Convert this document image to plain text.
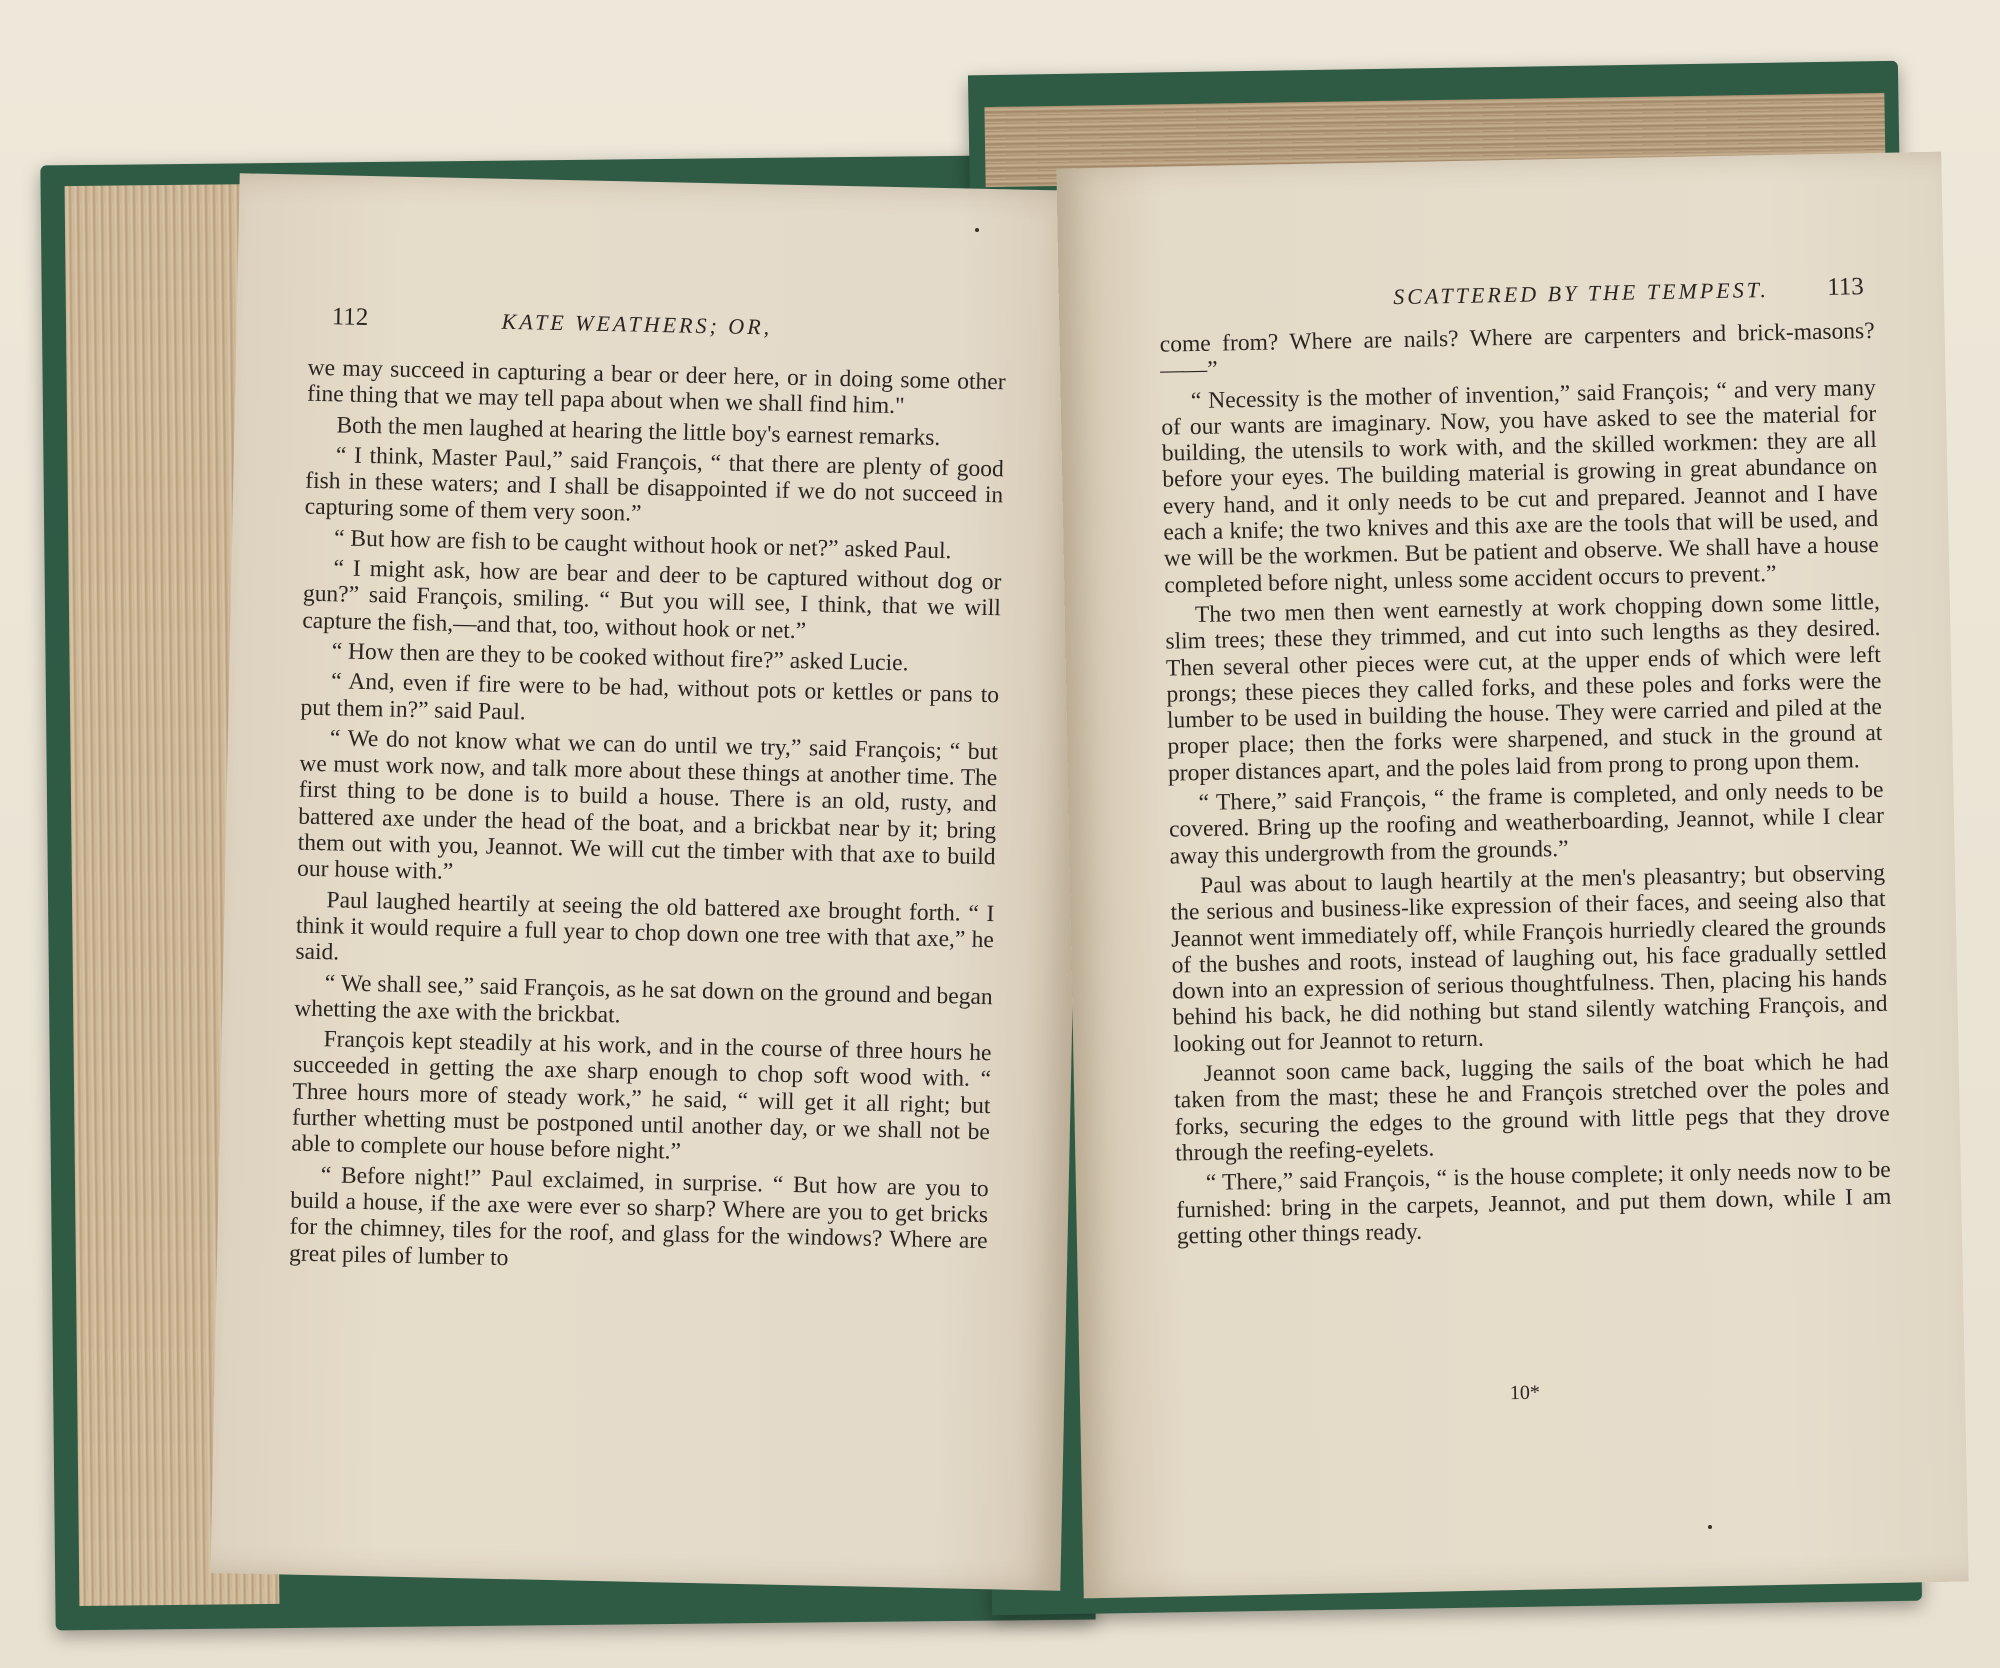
112	KATE WEATHERS; OR,

we may succeed in capturing a bear or deer here, or in doing some other fine thing that we may tell papa about when we shall find him."

Both the men laughed at hearing the little boy's earnest remarks.

“ I think, Master Paul,” said François, “ that there are plenty of good fish in these waters; and I shall be disappointed if we do not succeed in capturing some of them very soon.”

“ But how are fish to be caught without hook or net?” asked Paul.

“ I might ask, how are bear and deer to be captured without dog or gun?” said François, smiling. “ But you will see, I think, that we will capture the fish,—and that, too, without hook or net.”

“ How then are they to be cooked without fire?” asked Lucie.

“ And, even if fire were to be had, without pots or kettles or pans to put them in?” said Paul.

“ We do not know what we can do until we try,” said François; “ but we must work now, and talk more about these things at another time. The first thing to be done is to build a house. There is an old, rusty, and battered axe under the head of the boat, and a brickbat near by it; bring them out with you, Jeannot. We will cut the timber with that axe to build our house with.”

Paul laughed heartily at seeing the old battered axe brought forth. “ I think it would require a full year to chop down one tree with that axe,” he said.

“ We shall see,” said François, as he sat down on the ground and began whetting the axe with the brickbat.

François kept steadily at his work, and in the course of three hours he succeeded in getting the axe sharp enough to chop soft wood with. “ Three hours more of steady work,” he said, “ will get it all right; but further whetting must be postponed until another day, or we shall not be able to complete our house before night.”

“ Before night!” Paul exclaimed, in surprise. “ But how are you to build a house, if the axe were ever so sharp? Where are you to get bricks for the chimney, tiles for the roof, and glass for the windows? Where are great piles of lumber to

SCATTERED BY THE TEMPEST. 113

come from? Where are nails? Where are carpenters and brick-masons?——”

“ Necessity is the mother of invention,” said François; “ and very many of our wants are imaginary. Now, you have asked to see the material for building, the utensils to work with, and the skilled workmen: they are all before your eyes. The building material is growing in great abundance on every hand, and it only needs to be cut and prepared. Jeannot and I have each a knife; the two knives and this axe are the tools that will be used, and we will be the workmen. But be patient and observe. We shall have a house completed before night, unless some accident occurs to prevent.”

The two men then went earnestly at work chopping down some little, slim trees; these they trimmed, and cut into such lengths as they desired. Then several other pieces were cut, at the upper ends of which were left prongs; these pieces they called forks, and these poles and forks were the lumber to be used in building the house. They were carried and piled at the proper place; then the forks were sharpened, and stuck in the ground at proper distances apart, and the poles laid from prong to prong upon them.

“ There,” said François, “ the frame is completed, and only needs to be covered. Bring up the roofing and weatherboarding, Jeannot, while I clear away this undergrowth from the grounds.”

Paul was about to laugh heartily at the men's pleasantry; but observing the serious and business-like expression of their faces, and seeing also that Jeannot went immediately off, while François hurriedly cleared the grounds of the bushes and roots, instead of laughing out, his face gradually settled down into an expression of serious thoughtfulness. Then, placing his hands behind his back, he did nothing but stand silently watching François, and looking out for Jeannot to return.

Jeannot soon came back, lugging the sails of the boat which he had taken from the mast; these he and François stretched over the poles and forks, securing the edges to the ground with little pegs that they drove through the reefing-eyelets.

“ There,” said François, “ is the house complete; it only needs now to be furnished: bring in the carpets, Jeannot, and put them down, while I am getting other things ready.

10*
